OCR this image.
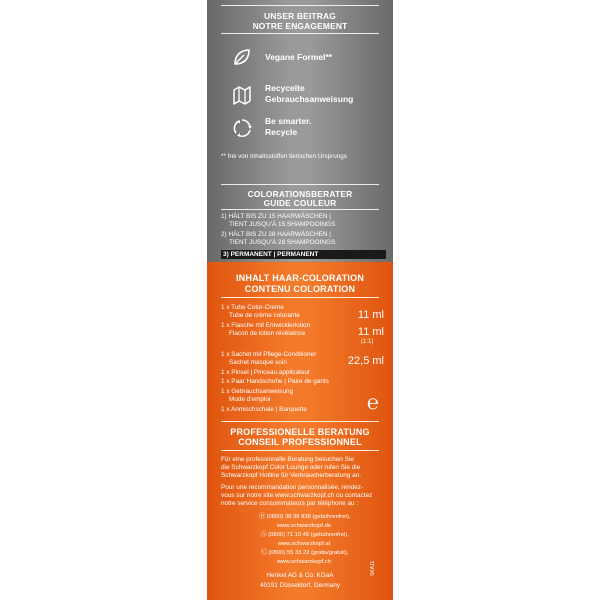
UNSER BEITRAG
NOTRE ENGAGEMENT
Vegane Formel**
Recycelte
Gebrauchsanweisung
Be smarter.
Recycle
** frei von Inhaltsstoffen tierischen Ursprungs
COLORATIONSBERATER
GUIDE COULEUR
1) HÄLT BIS ZU 15 HAARWÄSCHEN |
TIENT JUSQU'À 15 SHAMPOOINGS
2) HÄLT BIS ZU 28 HAARWÄSCHEN |
TIENT JUSQU'À 28 SHAMPOOINGS
3) PERMANENT | PERMANENT
INHALT HAAR-COLORATION
CONTENU COLORATION
1 x Tube Color-Creme
Tube de crème colorante	11 ml
1 x Flasche mit Entwicklerlotion
Flacon de lotion révélatrice	11 ml
(1:1)
1 x Sachet mit Pflege-Conditioner
Sachet masque soin	22,5 ml
1 x Pinsel | Pinceau applicateur
1 x Paar Handschuhe | Paire de gants
1 x Gebrauchsanweisung
Mode d'emploi
1 x Anmischschale | Barquette	℮
PROFESSIONELLE BERATUNG
CONSEIL PROFESSIONNEL
Für eine professionelle Beratung besuchen Sie
die Schwarzkopf Color Lounge oder rufen Sie die
Schwarzkopf Hotline für Verbraucherberatung an.
Pour une recommandation personnalisée, rendez-
vous sur notre site www.schwarzkopf.ch ou contactez
notre service consommateurs par téléphone au :
Ⓓ(0800) 38 38 838 (gebührenfrei),
www.schwarzkopf.de
Ⓐ(0800) 71 10 46 (gebührenfrei),
www.schwarzkopf.at
Ⓒ(0800) 55 33 22 (gratis/gratuit),
www.schwarzkopf.ch
Henkel AG & Co. KGaA
40191 Düsseldorf, Germany
SKA11
